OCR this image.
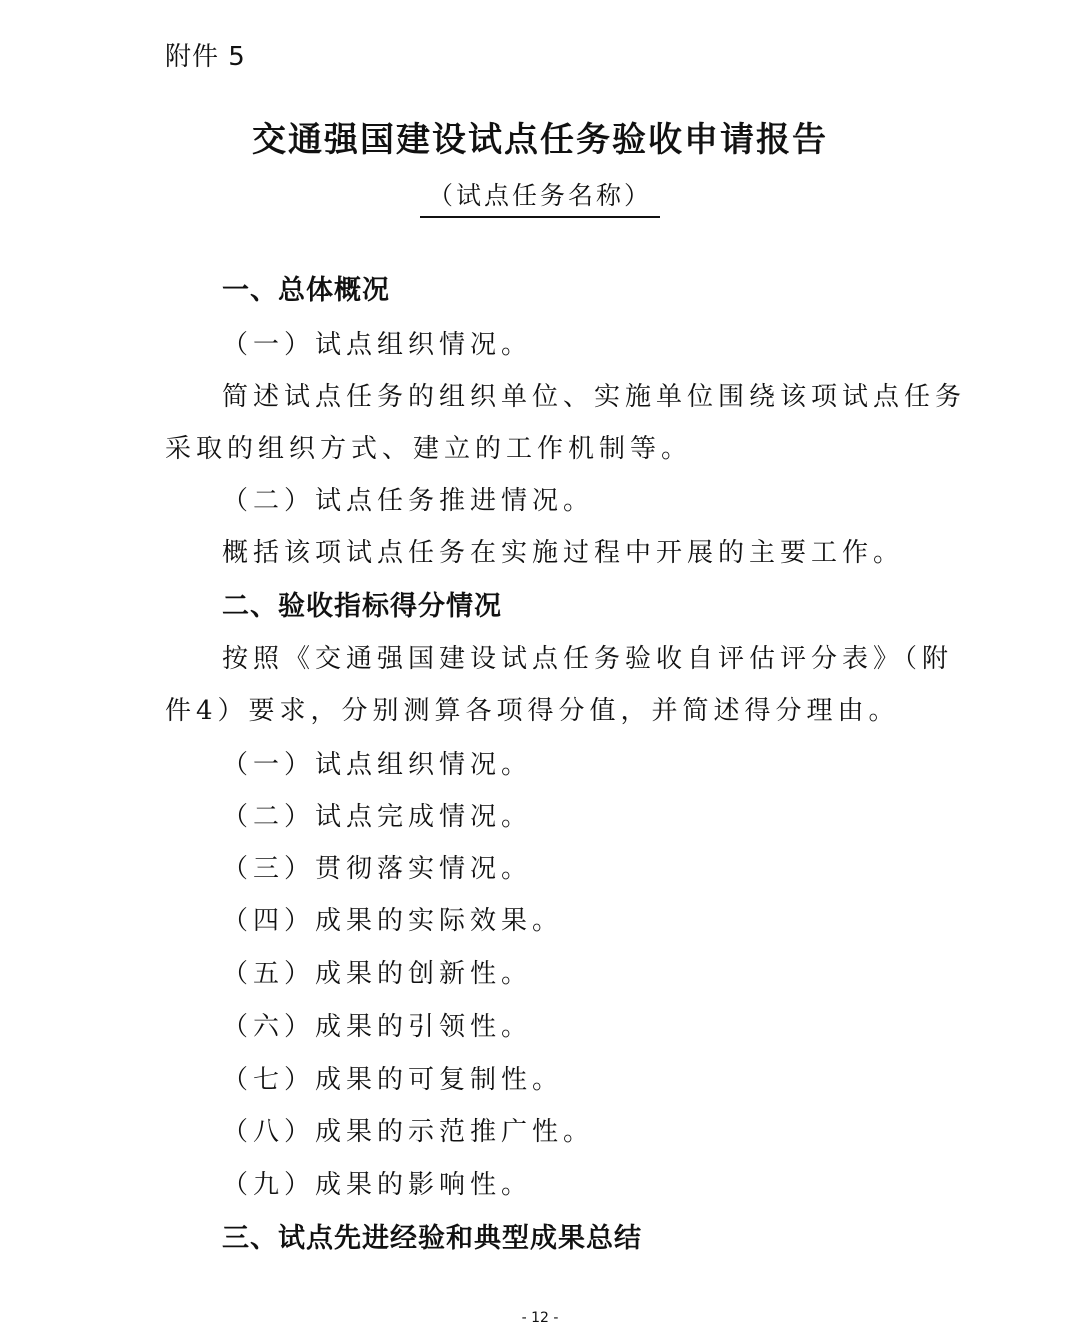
附件 5
交通强国建设试点任务验收申请报告
（试点任务名称）
一、总体概况
（一）试点组织情况。
简述试点任务的组织单位、实施单位围绕该项试点任务
采取的组织方式、建立的工作机制等。
（二）试点任务推进情况。
概括该项试点任务在实施过程中开展的主要工作。
二、验收指标得分情况
按照《交通强国建设试点任务验收自评估评分表》（附
件4）要求，分别测算各项得分值，并简述得分理由。
（一）试点组织情况。
（二）试点完成情况。
（三）贯彻落实情况。
（四）成果的实际效果。
（五）成果的创新性。
（六）成果的引领性。
（七）成果的可复制性。
（八）成果的示范推广性。
（九）成果的影响性。
三、试点先进经验和典型成果总结
- 12 -
